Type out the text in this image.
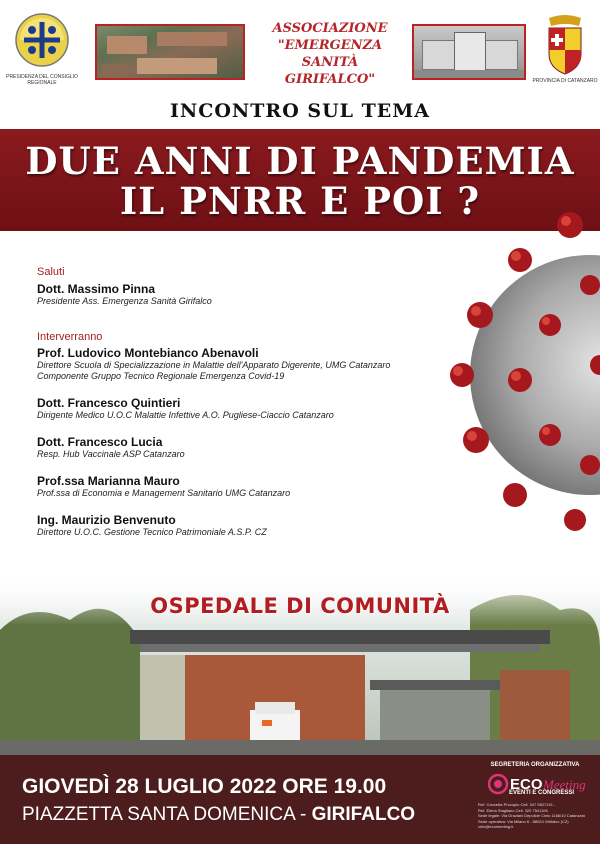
PRESIDENZA DEL CONSIGLIO REGIONALE
ASSOCIAZIONE
"EMERGENZA SANITÀ
GIRIFALCO"	PROVINCIA DI CATANZARO
INCONTRO SUL TEMA
DUE ANNI DI PANDEMIA
IL PNRR E POI ?
Saluti
Dott. Massimo Pinna
Presidente Ass. Emergenza Sanità Girifalco
Interverranno
Prof. Ludovico Montebianco Abenavoli
Direttore Scuola di Specializzazione in Malattie dell'Apparato Digerente, UMG Catanzaro
Componente Gruppo Tecnico Regionale Emergenza Covid-19
Dott. Francesco Quintieri
Dirigente Medico U.O.C Malattie Infettive A.O. Pugliese-Ciaccio Catanzaro
Dott. Francesco Lucia
Resp. Hub Vaccinale ASP Catanzaro
Prof.ssa Marianna Mauro
Prof.ssa di Economia e Management Sanitario UMG Catanzaro
Ing. Maurizio Benvenuto
Direttore U.O.C. Gestione Tecnico Patrimoniale A.S.P. CZ
OSPEDALE DI COMUNITÀ
GIOVEDÌ 28 LUGLIO 2022 ORE 19.00
PIAZZETTA SANTA DOMENICA - GIRIFALCO
SEGRETERIA ORGANIZZATIVA
ECO Meeting
EVENTI E CONGRESSI
Ref. Concetta Procopio Cell. 347 5527191 -
Ref. Elena Stagliano Cell. 320 7541106
Sede legale: Via Graziani Depolide Cinto 1166/10 Catanzaro
Sede operativa: Via Milano 6 - 88024 Girifalco (CZ)
cirin@ecomeeting.it
